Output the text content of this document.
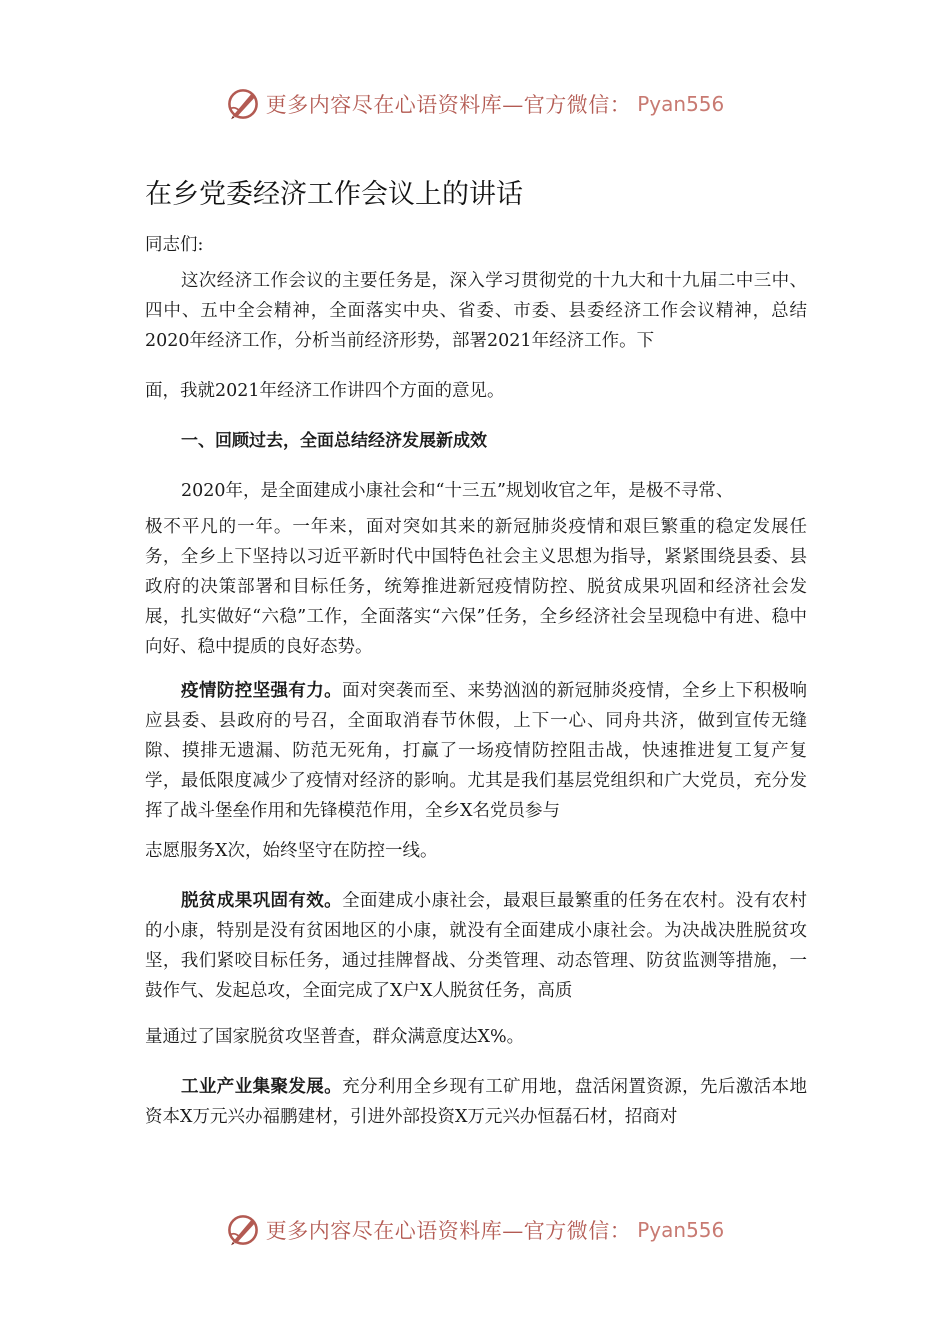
更多内容尽在心语资料库—官方微信： Pyan556
在乡党委经济工作会议上的讲话

同志们:

这次经济工作会议的主要任务是，深入学习贯彻党的十九大和十九届二中三中、四中、五中全会精神，全面落实中央、省委、市委、县委经济工作会议精神，总结2020年经济工作，分析当前经济形势，部署2021年经济工作。下

面，我就2021年经济工作讲四个方面的意见。

一、回顾过去，全面总结经济发展新成效

2020年，是全面建成小康社会和“十三五”规划收官之年，是极不寻常、

极不平凡的一年。一年来，面对突如其来的新冠肺炎疫情和艰巨繁重的稳定发展任务，全乡上下坚持以习近平新时代中国特色社会主义思想为指导，紧紧围绕县委、县政府的决策部署和目标任务，统筹推进新冠疫情防控、脱贫成果巩固和经济社会发展，扎实做好“六稳”工作，全面落实“六保”任务，全乡经济社会呈现稳中有进、稳中向好、稳中提质的良好态势。

疫情防控坚强有力。面对突袭而至、来势汹汹的新冠肺炎疫情，全乡上下积极响应县委、县政府的号召，全面取消春节休假，上下一心、同舟共济，做到宣传无缝隙、摸排无遗漏、防范无死角，打赢了一场疫情防控阻击战，快速推进复工复产复学，最低限度减少了疫情对经济的影响。尤其是我们基层党组织和广大党员，充分发挥了战斗堡垒作用和先锋模范作用，全乡X名党员参与

志愿服务X次，始终坚守在防控一线。

脱贫成果巩固有效。全面建成小康社会，最艰巨最繁重的任务在农村。没有农村的小康，特别是没有贫困地区的小康，就没有全面建成小康社会。为决战决胜脱贫攻坚，我们紧咬目标任务，通过挂牌督战、分类管理、动态管理、防贫监测等措施，一鼓作气、发起总攻，全面完成了X户X人脱贫任务，高质

量通过了国家脱贫攻坚普查，群众满意度达X%。

工业产业集聚发展。充分利用全乡现有工矿用地，盘活闲置资源，先后激活本地资本X万元兴办福鹏建材，引进外部投资X万元兴办恒磊石材，招商对

更多内容尽在心语资料库—官方微信： Pyan556
